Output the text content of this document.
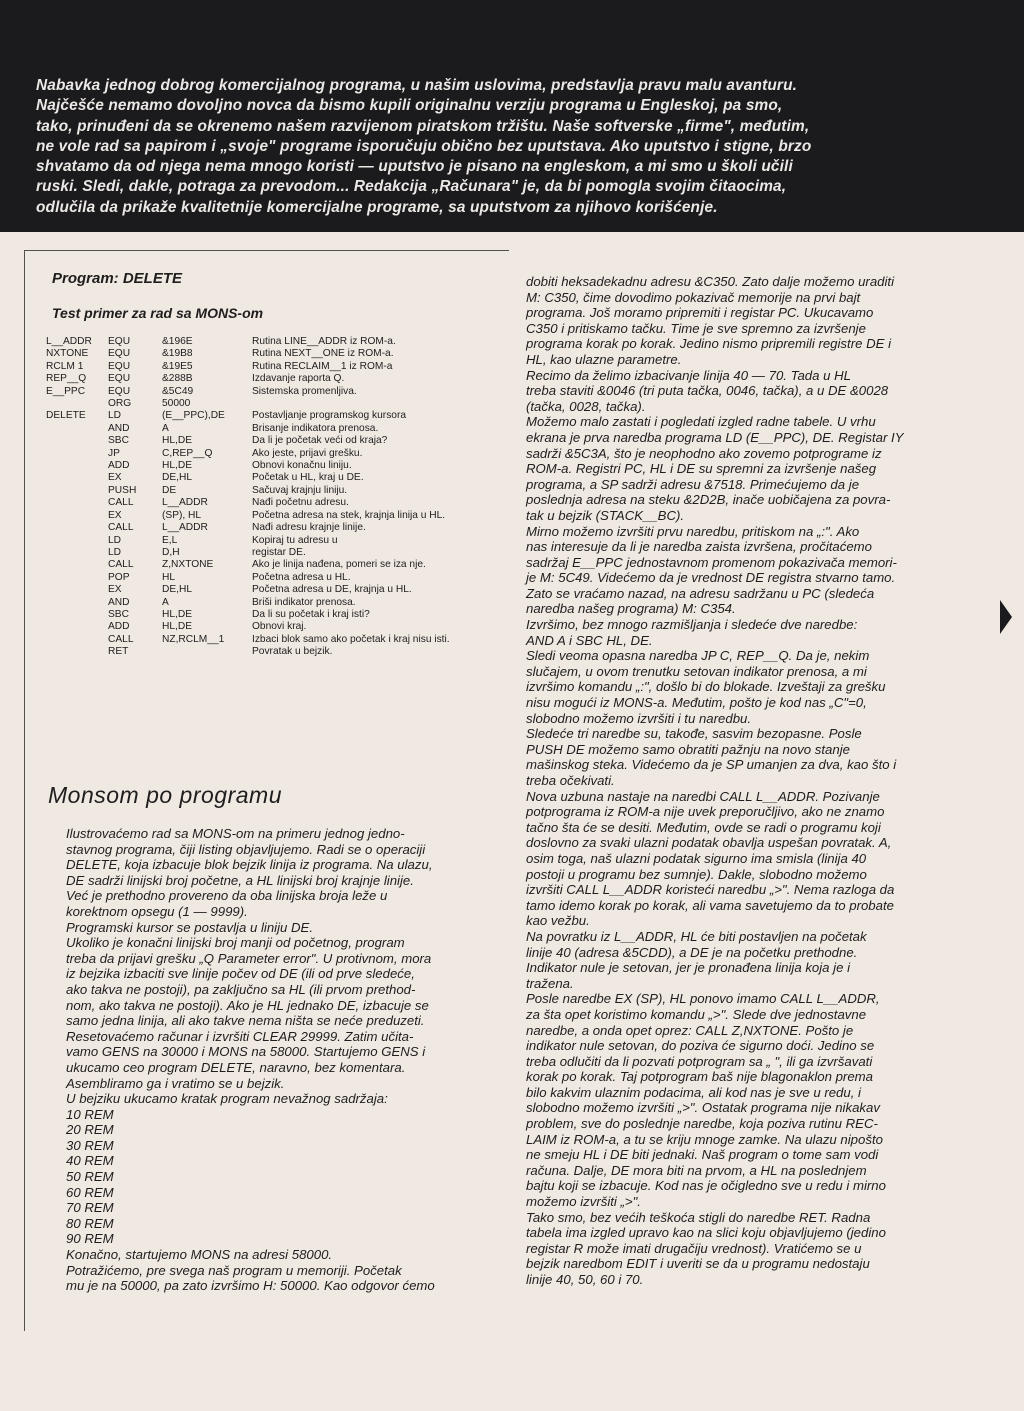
Nabavka jednog dobrog komercijalnog programa, u našim uslovima, predstavlja pravu malu avanturu.
Najčešće nemamo dovoljno novca da bismo kupili originalnu verziju programa u Engleskoj, pa smo,
tako, prinuđeni da se okrenemo našem razvijenom piratskom tržištu. Naše softverske „firme", međutim,
ne vole rad sa papirom i „svoje" programe isporučuju obično bez uputstava. Ako uputstvo i stigne, brzo
shvatamo da od njega nema mnogo koristi — uputstvo je pisano na engleskom, a mi smo u školi učili
ruski. Sledi, dakle, potraga za prevodom... Redakcija „Računara" je, da bi pomogla svojim čitaocima,
odlučila da prikaže kvalitetnije komercijalne programe, sa uputstvom za njihovo korišćenje.
Program: DELETE
Test primer za rad sa MONS-om
L__ADDR	EQU	&196E	Rutina LINE__ADDR iz ROM-a.
NXTONE	EQU	&19B8	Rutina NEXT__ONE iz ROM-a.
RCLM 1	EQU	&19E5	Rutina RECLAIM__1 iz ROM-a
REP__Q	EQU	&288B	Izdavanje raporta Q.
E__PPC	EQU	&5C49	Sistemska promenljiva.
	ORG	50000	
DELETE	LD	(E__PPC),DE	Postavljanje programskog kursora
	AND	A	Brisanje indikatora prenosa.
	SBC	HL,DE	Da li je početak veći od kraja?
	JP	C,REP__Q	Ako jeste, prijavi grešku.
	ADD	HL,DE	Obnovi konačnu liniju.
	EX	DE,HL	Početak u HL, kraj u DE.
	PUSH	DE	Sačuvaj krajnju liniju.
	CALL	L__ADDR	Nađi početnu adresu.
	EX	(SP), HL	Početna adresa na stek, krajnja linija u HL.
	CALL	L__ADDR	Nađi adresu krajnje linije.
	LD	E,L	Kopiraj tu adresu u
	LD	D,H	registar DE.
	CALL	Z,NXTONE	Ako je linija nađena, pomeri se iza nje.
	POP	HL	Početna adresa u HL.
	EX	DE,HL	Početna adresa u DE, krajnja u HL.
	AND	A	Briši indikator prenosa.
	SBC	HL,DE	Da li su početak i kraj isti?
	ADD	HL,DE	Obnovi kraj.
	CALL	NZ,RCLM__1	Izbaci blok samo ako početak i kraj nisu isti.
	RET		Povratak u bejzik.
Monsom po programu
Ilustrovaćemo rad sa MONS-om na primeru jednog jedno-
stavnog programa, čiji listing objavljujemo. Radi se o operaciji
DELETE, koja izbacuje blok bejzik linija iz programa. Na ulazu,
DE sadrži linijski broj početne, a HL linijski broj krajnje linije.
Već je prethodno provereno da oba linijska broja leže u
korektnom opsegu (1 — 9999).
Programski kursor se postavlja u liniju DE.
Ukoliko je konačni linijski broj manji od početnog, program
treba da prijavi grešku „Q Parameter error". U protivnom, mora
iz bejzika izbaciti sve linije počev od DE (ili od prve sledeće,
ako takva ne postoji), pa zaključno sa HL (ili prvom prethod-
nom, ako takva ne postoji). Ako je HL jednako DE, izbacuje se
samo jedna linija, ali ako takve nema ništa se neće preduzeti.
Resetovaćemo računar i izvršiti CLEAR 29999. Zatim učita-
vamo GENS na 30000 i MONS na 58000. Startujemo GENS i
ukucamo ceo program DELETE, naravno, bez komentara.
Asembliramo ga i vratimo se u bejzik.
U bejziku ukucamo kratak program nevažnog sadržaja:
10 REM
20 REM
30 REM
40 REM
50 REM
60 REM
70 REM
80 REM
90 REM
Konačno, startujemo MONS na adresi 58000.
Potražićemo, pre svega naš program u memoriji. Početak
mu je na 50000, pa zato izvršimo H: 50000. Kao odgovor ćemo
dobiti heksadekadnu adresu &C350. Zato dalje možemo uraditi
M: C350, čime dovodimo pokazivač memorije na prvi bajt
programa. Još moramo pripremiti i registar PC. Ukucavamo
C350 i pritiskamo tačku. Time je sve spremno za izvršenje
programa korak po korak. Jedino nismo pripremili registre DE i
HL, kao ulazne parametre.
Recimo da želimo izbacivanje linija 40 — 70. Tada u HL
treba staviti &0046 (tri puta tačka, 0046, tačka), a u DE &0028
(tačka, 0028, tačka).
Možemo malo zastati i pogledati izgled radne tabele. U vrhu
ekrana je prva naredba programa LD (E__PPC), DE. Registar IY
sadrži &5C3A, što je neophodno ako zovemo potprograme iz
ROM-a. Registri PC, HL i DE su spremni za izvršenje našeg
programa, a SP sadrži adresu &7518. Primećujemo da je
poslednja adresa na steku &2D2B, inače uobičajena za povra-
tak u bejzik (STACK__BC).
Mirno možemo izvršiti prvu naredbu, pritiskom na „:". Ako
nas interesuje da li je naredba zaista izvršena, pročitaćemo
sadržaj E__PPC jednostavnom promenom pokazivača memori-
je M: 5C49. Videćemo da je vrednost DE registra stvarno tamo.
Zato se vraćamo nazad, na adresu sadržanu u PC (sledeća
naredba našeg programa) M: C354.
Izvršimo, bez mnogo razmišljanja i sledeće dve naredbe:
AND A i SBC HL, DE.
Sledi veoma opasna naredba JP C, REP__Q. Da je, nekim
slučajem, u ovom trenutku setovan indikator prenosa, a mi
izvršimo komandu „:", došlo bi do blokade. Izveštaji za grešku
nisu mogući iz MONS-a. Međutim, pošto je kod nas „C"=0,
slobodno možemo izvršiti i tu naredbu.
Sledeće tri naredbe su, takođe, sasvim bezopasne. Posle
PUSH DE možemo samo obratiti pažnju na novo stanje
mašinskog steka. Videćemo da je SP umanjen za dva, kao što i
treba očekivati.
Nova uzbuna nastaje na naredbi CALL L__ADDR. Pozivanje
potprograma iz ROM-a nije uvek preporučljivo, ako ne znamo
tačno šta će se desiti. Međutim, ovde se radi o programu koji
doslovno za svaki ulazni podatak obavlja uspešan povratak. A,
osim toga, naš ulazni podatak sigurno ima smisla (linija 40
postoji u programu bez sumnje). Dakle, slobodno možemo
izvršiti CALL L__ADDR koristeći naredbu „>". Nema razloga da
tamo idemo korak po korak, ali vama savetujemo da to probate
kao vežbu.
Na povratku iz L__ADDR, HL će biti postavljen na početak
linije 40 (adresa &5CDD), a DE je na početku prethodne.
Indikator nule je setovan, jer je pronađena linija koja je i
tražena.
Posle naredbe EX (SP), HL ponovo imamo CALL L__ADDR,
za šta opet koristimo komandu „>". Slede dve jednostavne
naredbe, a onda opet oprez: CALL Z,NXTONE. Pošto je
indikator nule setovan, do poziva će sigurno doći. Jedino se
treba odlučiti da li pozvati potprogram sa „ ", ili ga izvršavati
korak po korak. Taj potprogram baš nije blagonaklon prema
bilo kakvim ulaznim podacima, ali kod nas je sve u redu, i
slobodno možemo izvršiti „>". Ostatak programa nije nikakav
problem, sve do poslednje naredbe, koja poziva rutinu REC-
LAIM iz ROM-a, a tu se kriju mnoge zamke. Na ulazu nipošto
ne smeju HL i DE biti jednaki. Naš program o tome sam vodi
računa. Dalje, DE mora biti na prvom, a HL na poslednjem
bajtu koji se izbacuje. Kod nas je očigledno sve u redu i mirno
možemo izvršiti „>".
Tako smo, bez većih teškoća stigli do naredbe RET. Radna
tabela ima izgled upravo kao na slici koju objavljujemo (jedino
registar R može imati drugačiju vrednost). Vratićemo se u
bejzik naredbom EDIT i uveriti se da u programu nedostaju
linije 40, 50, 60 i 70.
